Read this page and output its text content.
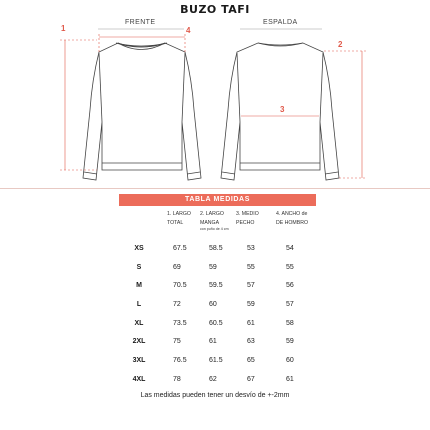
BUZO TAFI
FRENTE	ESPALDA
1	4
2
3
TABLA MEDIDAS
1. LARGO
TOTAL
2. LARGO
MANGA
con puño de 4 cm
3. MEDIO
PECHO
4. ANCHO de
DE HOMBRO
XS	67.5	58.5	53	54
S	69	59	55	55
M	70.5	59.5	57	56
L	72	60	59	57
XL	73.5	60.5	61	58
2XL	75	61	63	59
3XL	76.5	61.5	65	60
4XL	78	62	67	61
Las medidas pueden tener un desvío de +-2mm
